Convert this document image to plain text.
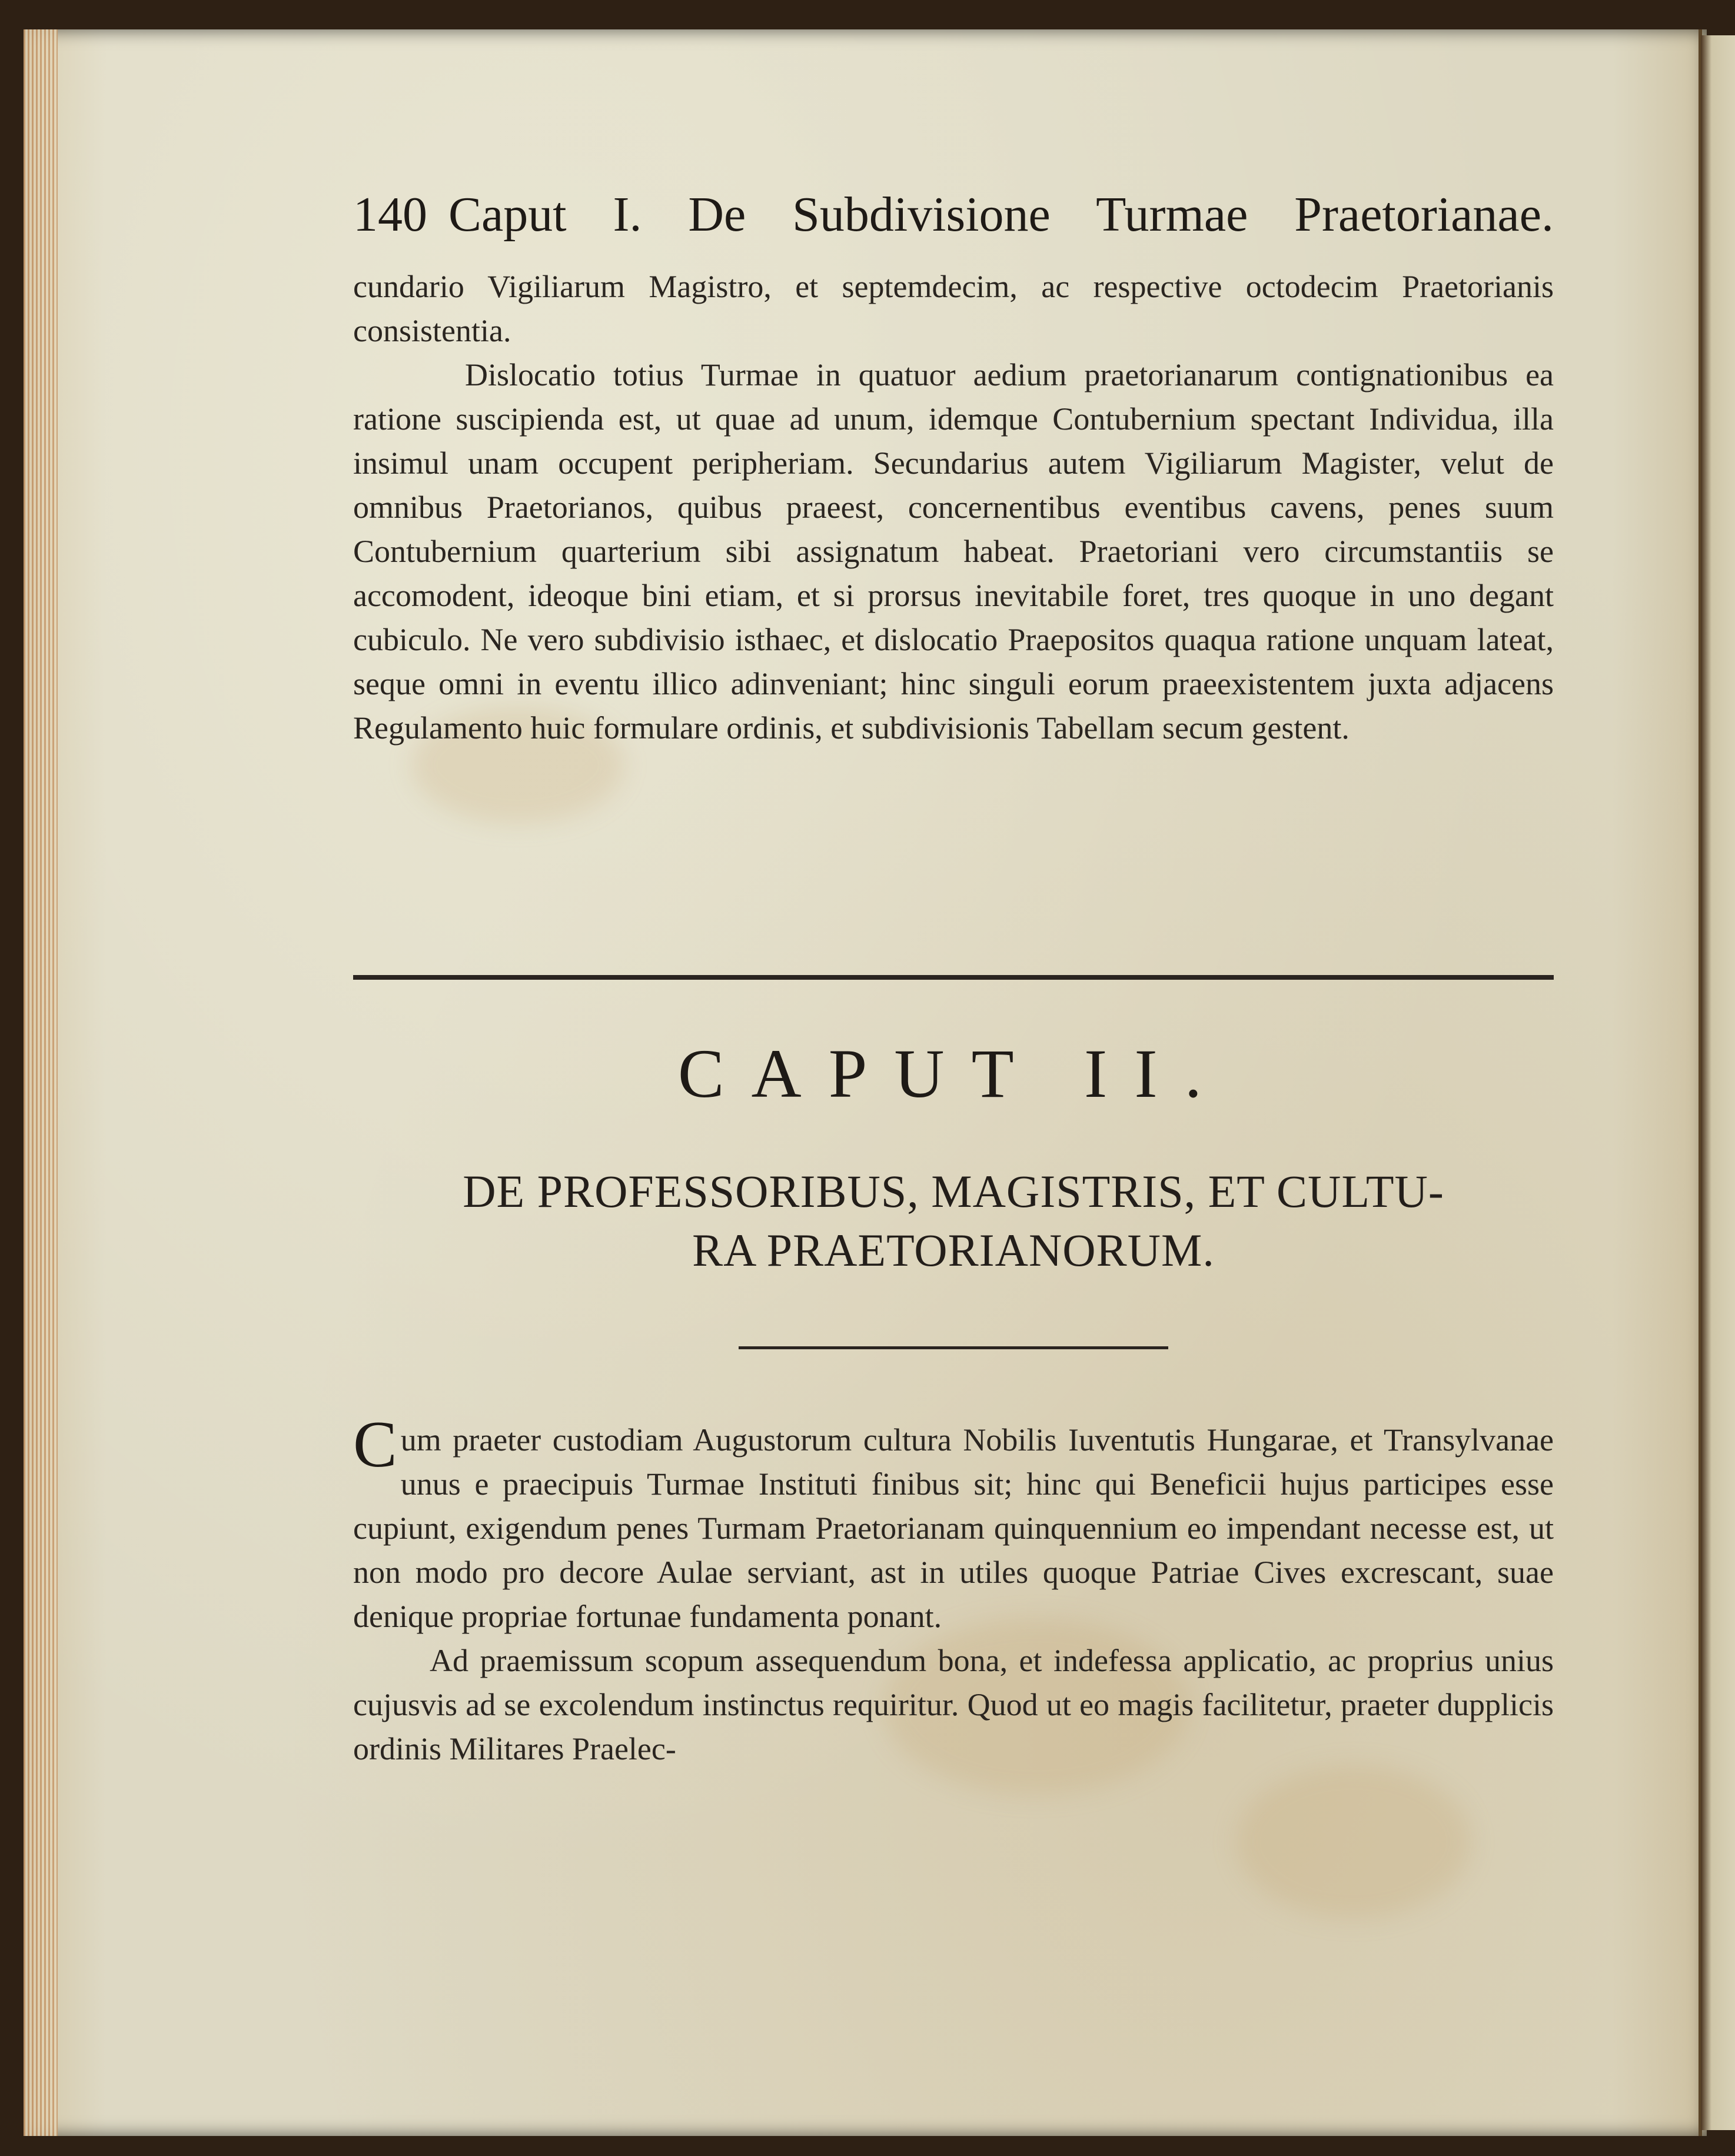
140 Caput I. De Subdivisione Turmae Praetorianae.

cundario Vigiliarum Magistro, et septemdecim, ac respective octodecim Praetorianis consistentia.

Dislocatio totius Turmae in quatuor aedium praetorianarum contignationibus ea ratione suscipienda est, ut quae ad unum, idemque Contubernium spectant Individua, illa insimul unam occupent peripheriam. Secundarius autem Vigiliarum Magister, velut de omnibus Praetorianos, quibus praeest, concernentibus eventibus cavens, penes suum Contubernium quarterium sibi assignatum habeat. Praetoriani vero circumstantiis se accomodent, ideoque bini etiam, et si prorsus inevitabile foret, tres quoque in uno degant cubiculo. Ne vero subdivisio isthaec, et dislocatio Praepositos quaqua ratione unquam lateat, seque omni in eventu illico adinveniant; hinc singuli eorum praeexistentem juxta adjacens Regulamento huic formulare ordinis, et subdivisionis Tabellam secum gestent.

CAPUT II.
DE PROFESSORIBUS, MAGISTRIS, ET CULTU-
RA PRAETORIANORUM.

Cum praeter custodiam Augustorum cultura Nobilis Iuventutis Hungarae, et Transylvanae unus e praecipuis Turmae Instituti finibus sit; hinc qui Beneficii hujus participes esse cupiunt, exigendum penes Turmam Praetorianam quinquennium eo impendant necesse est, ut non modo pro decore Aulae serviant, ast in utiles quoque Patriae Cives excrescant, suae denique propriae fortunae fundamenta ponant.

Ad praemissum scopum assequendum bona, et indefessa applicatio, ac proprius unius cujusvis ad se excolendum instinctus requiritur. Quod ut eo magis facilitetur, praeter dupplicis ordinis Militares Praelec-
